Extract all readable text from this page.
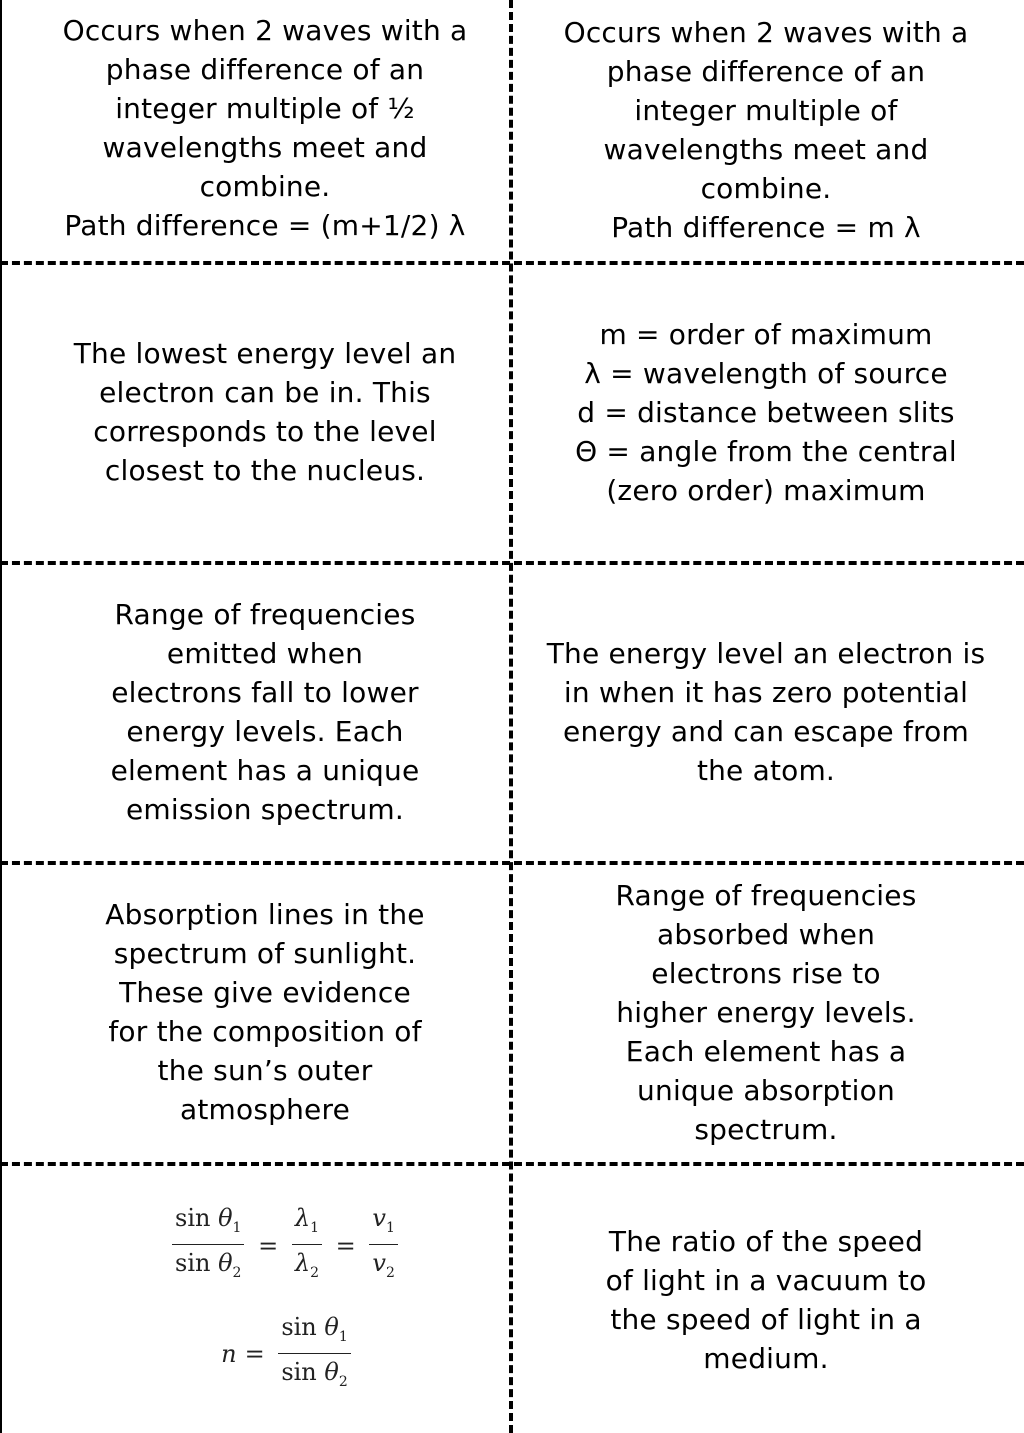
Occurs when 2 waves with a
phase difference of an
integer multiple of ½
wavelengths meet and
combine.
Path difference = (m+1/2) λ
Occurs when 2 waves with a
phase difference of an
integer multiple of
wavelengths meet and
combine.
Path difference = m λ
The lowest energy level an
electron can be in. This
corresponds to the level
closest to the nucleus.
m = order of maximum
λ = wavelength of source
d = distance between slits
Θ = angle from the central
(zero order) maximum
Range of frequencies
emitted when
electrons fall to lower
energy levels. Each
element has a unique
emission spectrum.
The energy level an electron is
in when it has zero potential
energy and can escape from
the atom.
Absorption lines in the
spectrum of sunlight.
These give evidence
for the composition of
the sun’s outer
atmosphere
Range of frequencies
absorbed when
electrons rise to
higher energy levels.
Each element has a
unique absorption
spectrum.
$\frac{\sin \theta_1}{\sin \theta_2} = \frac{\lambda_1}{\lambda_2} = \frac{v_1}{v_2}$
$n = \frac{\sin \theta_1}{\sin \theta_2}$
The ratio of the speed
of light in a vacuum to
the speed of light in a
medium.
